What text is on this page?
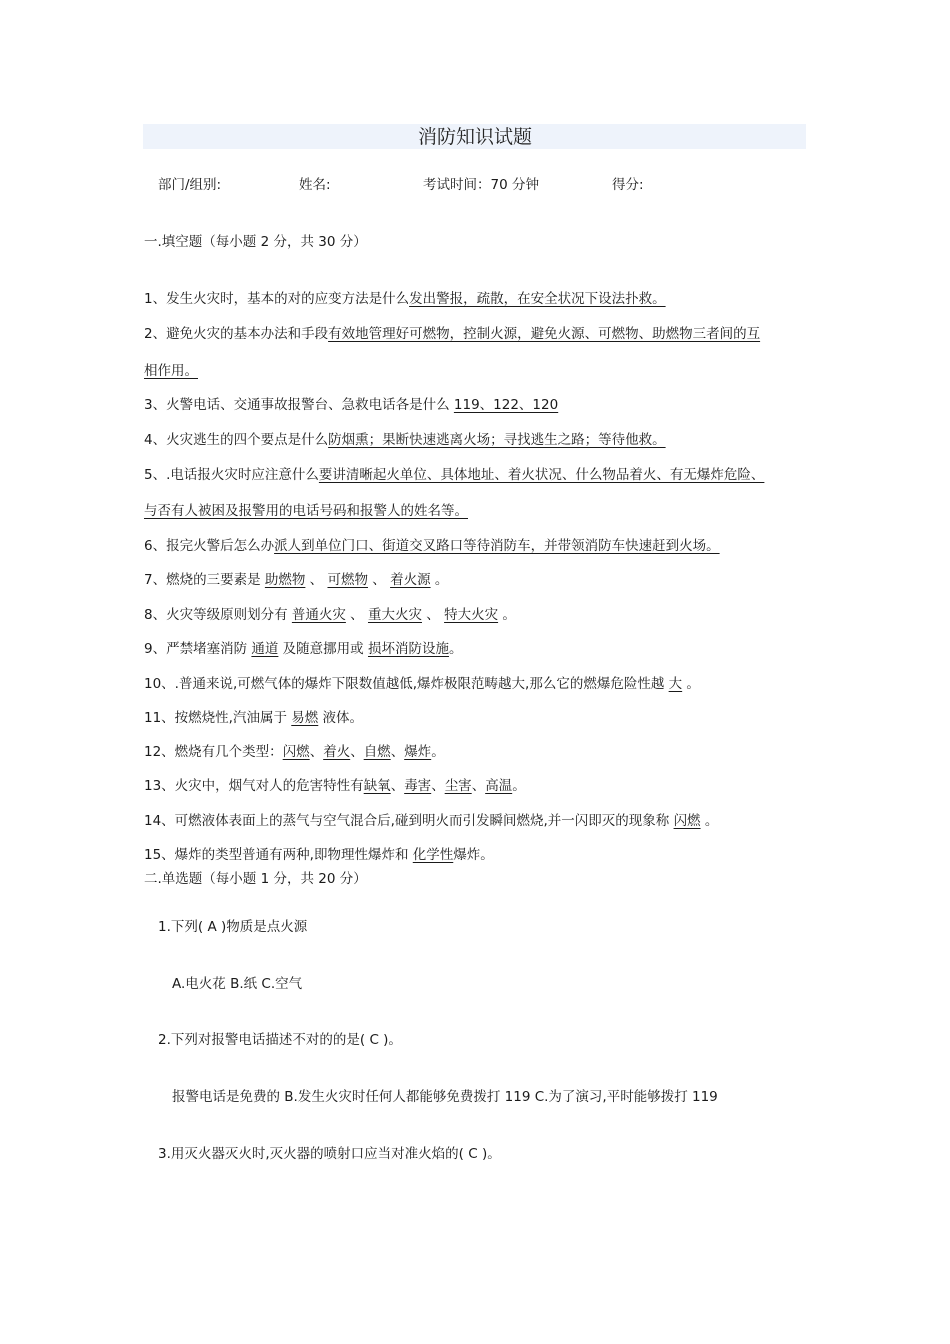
消防知识试题
部门/组别:	姓名:	考试时间：70 分钟	得分:
一.填空题（每小题 2 分，共 30 分）
1、发生火灾时，基本的对的应变方法是什么发出警报，疏散，在安全状况下设法扑救。
2、避免火灾的基本办法和手段有效地管理好可燃物，控制火源，避免火源、可燃物、助燃物三者间的互
相作用。
3、火警电话、交通事故报警台、急救电话各是什么 119、122、120
4、火灾逃生的四个要点是什么防烟熏；果断快速逃离火场；寻找逃生之路；等待他救。
5、.电话报火灾时应注意什么要讲清晰起火单位、具体地址、着火状况、什么物品着火、有无爆炸危险、
与否有人被困及报警用的电话号码和报警人的姓名等。
6、报完火警后怎么办派人到单位门口、街道交叉路口等待消防车，并带领消防车快速赶到火场。
7、燃烧的三要素是 助燃物 、 可燃物 、 着火源 。
8、火灾等级原则划分有 普通火灾 、 重大火灾 、 特大火灾 。
9、严禁堵塞消防 通道 及随意挪用或 损坏消防设施。
10、.普通来说,可燃气体的爆炸下限数值越低,爆炸极限范畴越大,那么它的燃爆危险性越 大 。
11、按燃烧性,汽油属于 易燃 液体。
12、燃烧有几个类型：闪燃、着火、自燃、爆炸。
13、火灾中，烟气对人的危害特性有缺氧、毒害、尘害、高温。
14、可燃液体表面上的蒸气与空气混合后,碰到明火而引发瞬间燃烧,并一闪即灭的现象称 闪燃 。
15、爆炸的类型普通有两种,即物理性爆炸和 化学性爆炸。
二.单选题（每小题 1 分，共 20 分）
1.下列( A )物质是点火源
A.电火花 B.纸 C.空气
2.下列对报警电话描述不对的的是( C )。
报警电话是免费的 B.发生火灾时任何人都能够免费拨打 119 C.为了演习,平时能够拨打 119
3.用灭火器灭火时,灭火器的喷射口应当对准火焰的( C )。
